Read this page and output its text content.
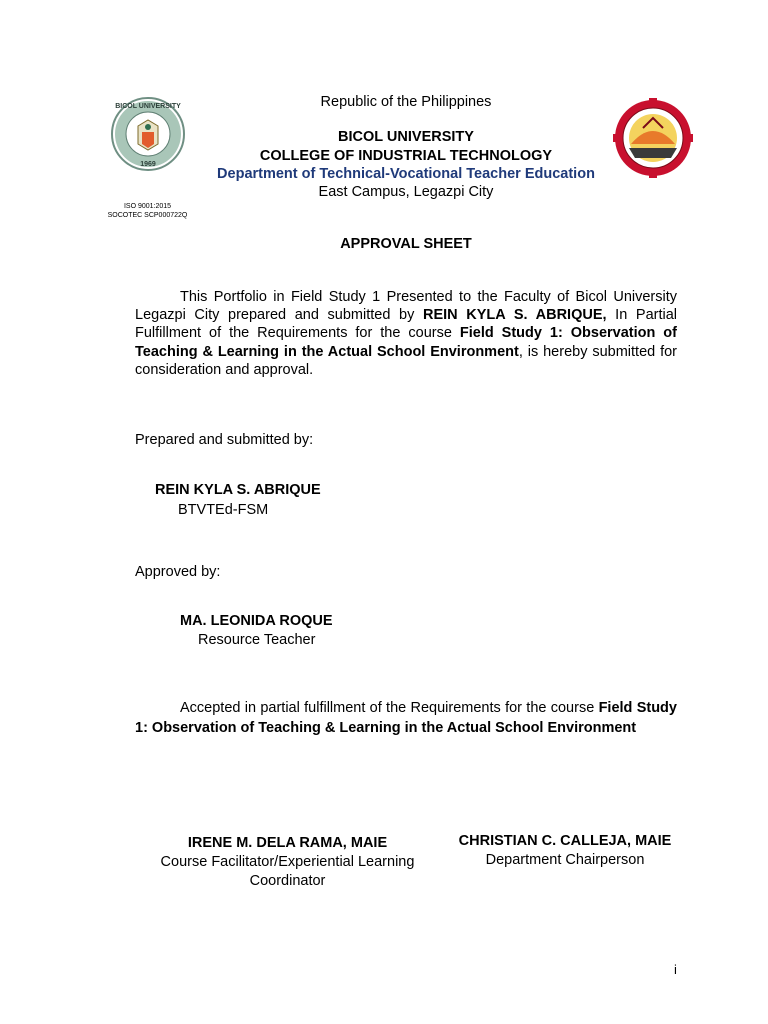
BICOL UNIVERSITY
1969
ISO 9001:2015
SOCOTEC SCP000722Q
Republic of the Philippines
BICOL UNIVERSITY
COLLEGE OF INDUSTRIAL TECHNOLOGY
Department of Technical-Vocational Teacher Education
East Campus, Legazpi City
APPROVAL SHEET
This Portfolio in Field Study 1 Presented to the Faculty of Bicol University Legazpi City prepared and submitted by REIN KYLA S. ABRIQUE, In Partial Fulfillment of the Requirements for the course Field Study 1: Observation of Teaching & Learning in the Actual School Environment, is hereby submitted for consideration and approval.
Prepared and submitted by:
REIN KYLA S. ABRIQUE
BTVTEd-FSM
Approved by:
MA. LEONIDA ROQUE
Resource Teacher
Accepted in partial fulfillment of the Requirements for the course Field Study 1: Observation of Teaching & Learning in the Actual School Environment
IRENE M. DELA RAMA, MAIE
Course Facilitator/Experiential Learning
Coordinator
CHRISTIAN C. CALLEJA, MAIE
Department Chairperson
i
